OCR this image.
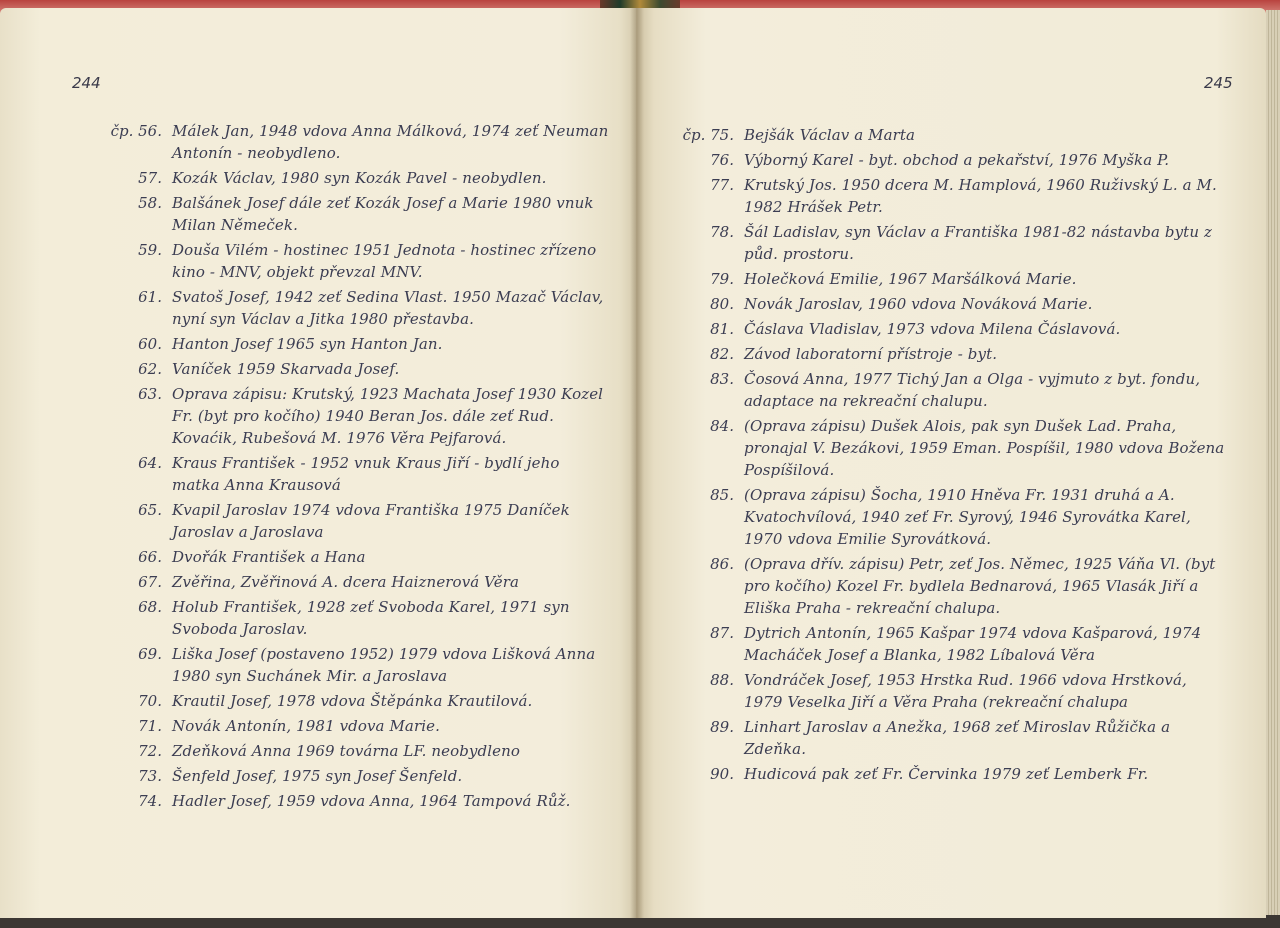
244
čp. 56. Málek Jan, 1948 vdova Anna Málková, 1974 zeť Neuman Antonín - neobydleno.
57. Kozák Václav, 1980 syn Kozák Pavel - neobydlen.
58. Balšánek Josef dále zeť Kozák Josef a Marie 1980 vnuk Milan Němeček.
59. Douša Vilém - hostinec 1951 Jednota - hostinec zřízeno kino - MNV, objekt převzal MNV.
61. Svatoš Josef, 1942 zeť Sedina Vlast. 1950 Mazač Václav, nyní syn Václav a Jitka 1980 přestavba.
60. Hanton Josef 1965 syn Hanton Jan.
62. Vaníček 1959 Skarvada Josef.
63. Oprava zápisu: Krutský, 1923 Machata Josef 1930 Kozel Fr. (byt pro kočího) 1940 Beran Jos. dále zeť Rud. Kovaćik, Rubešová M. 1976 Věra Pejfarová.
64. Kraus František - 1952 vnuk Kraus Jiří - bydlí jeho matka Anna Krausová
65. Kvapil Jaroslav 1974 vdova Františka 1975 Daníček Jaroslav a Jaroslava
66. Dvořák František a Hana
67. Zvěřina, Zvěřinová A. dcera Haiznerová Věra
68. Holub František, 1928 zeť Svoboda Karel, 1971 syn Svoboda Jaroslav.
69. Liška Josef (postaveno 1952) 1979 vdova Lišková Anna 1980 syn Suchánek Mir. a Jaroslava
70. Krautil Josef, 1978 vdova Štěpánka Krautilová.
71. Novák Antonín, 1981 vdova Marie.
72. Zdeňková Anna 1969 továrna LF. neobydleno
73. Šenfeld Josef, 1975 syn Josef Šenfeld.
74. Hadler Josef, 1959 vdova Anna, 1964 Tampová Růž.
245
čp. 75. Bejšák Václav a Marta
76. Výborný Karel - byt. obchod a pekařství, 1976 Myška P.
77. Krutský Jos. 1950 dcera M. Hamplová, 1960 Ruživský L. a M. 1982 Hrášek Petr.
78. Šál Ladislav, syn Václav a Františka 1981-82 nástavba bytu z půd. prostoru.
79. Holečková Emilie, 1967 Maršálková Marie.
80. Novák Jaroslav, 1960 vdova Nováková Marie.
81. Čáslava Vladislav, 1973 vdova Milena Čáslavová.
82. Závod laboratorní přístroje - byt.
83. Čosová Anna, 1977 Tichý Jan a Olga - vyjmuto z byt. fondu, adaptace na rekreační chalupu.
84. (Oprava zápisu) Dušek Alois, pak syn Dušek Lad. Praha, pronajal V. Bezákovi, 1959 Eman. Pospíšil, 1980 vdova Božena Pospíšilová.
85. (Oprava zápisu) Šocha, 1910 Hněva Fr. 1931 druhá a A. Kvatochvílová, 1940 zeť Fr. Syrový, 1946 Syrovátka Karel, 1970 vdova Emilie Syrovátková.
86. (Oprava dřív. zápisu) Petr, zeť Jos. Němec, 1925 Váňa Vl. (byt pro kočího) Kozel Fr. bydlela Bednarová, 1965 Vlasák Jiří a Eliška Praha - rekreační chalupa.
87. Dytrich Antonín, 1965 Kašpar 1974 vdova Kašparová, 1974 Macháček Josef a Blanka, 1982 Líbalová Věra
88. Vondráček Josef, 1953 Hrstka Rud. 1966 vdova Hrstková, 1979 Veselka Jiří a Věra Praha (rekreační chalupa
89. Linhart Jaroslav a Anežka, 1968 zeť Miroslav Růžička a Zdeňka.
90. Hudicová pak zeť Fr. Červinka 1979 zeť Lemberk Fr.
